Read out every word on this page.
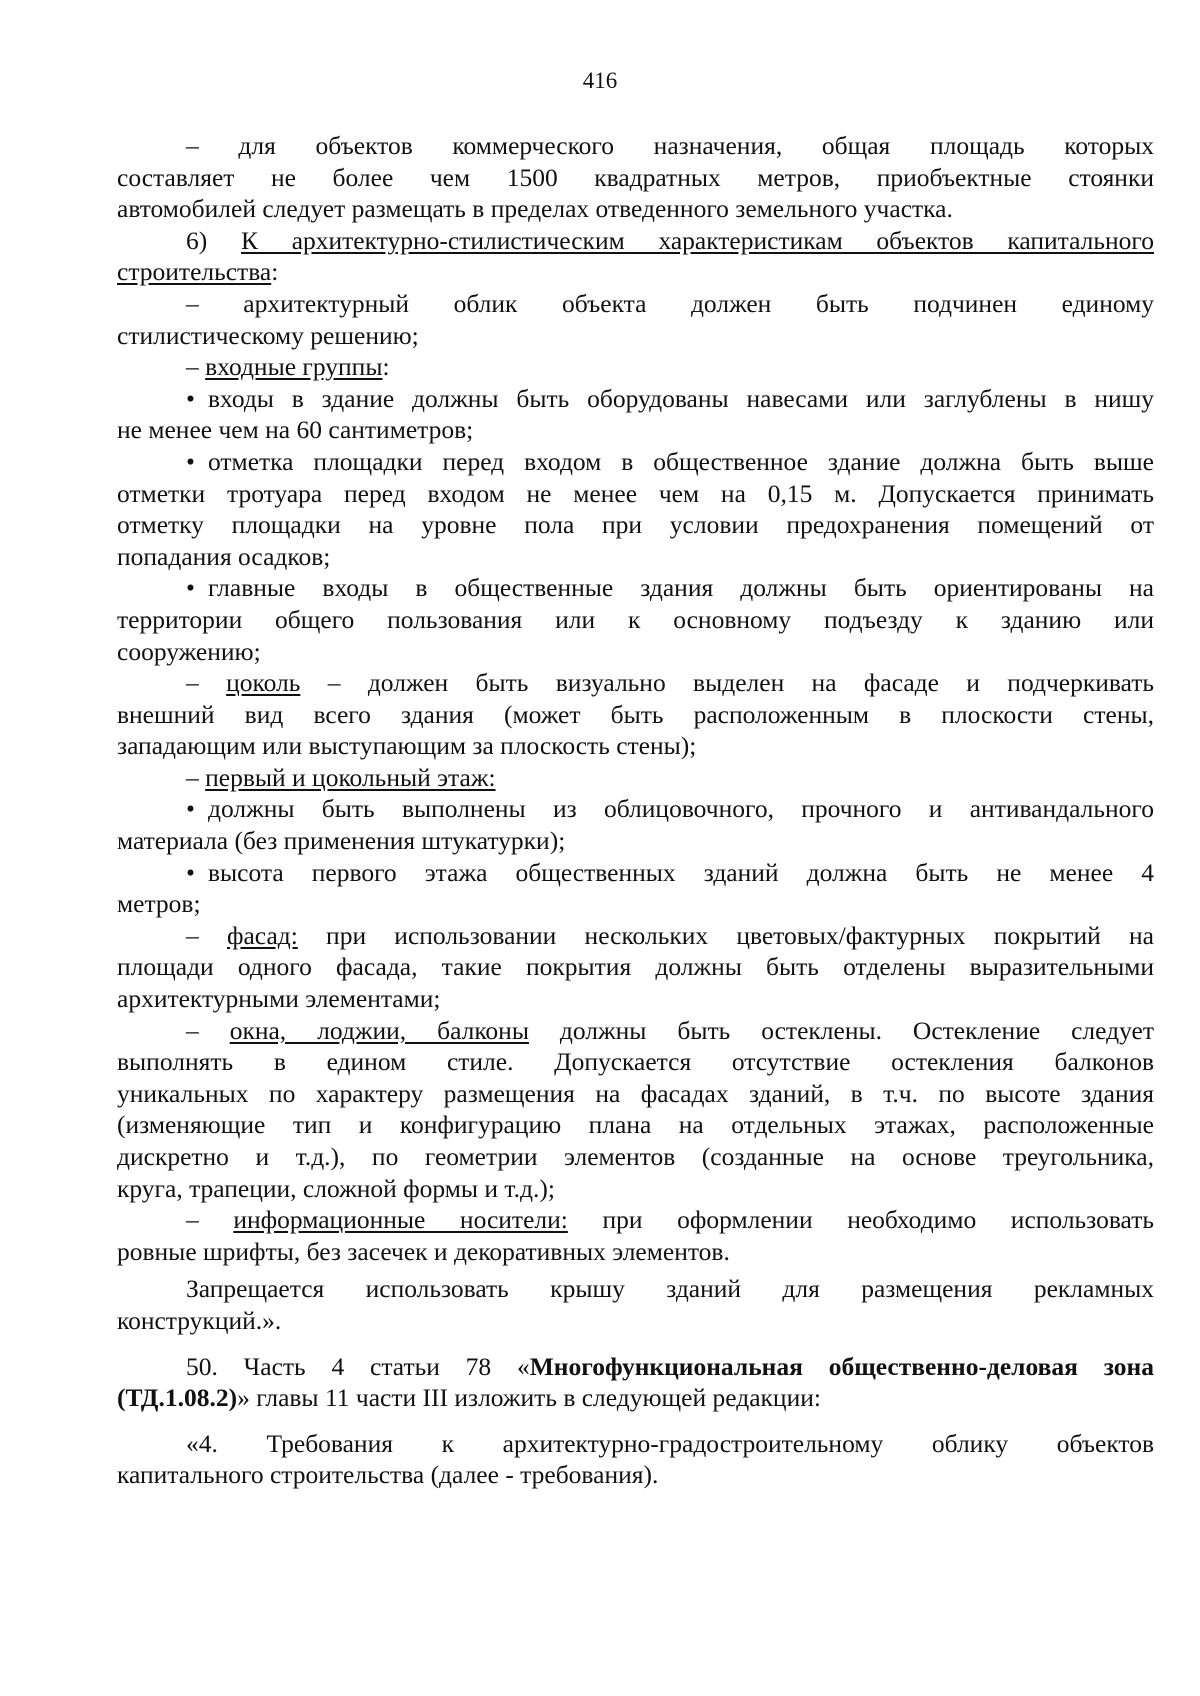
416
– для объектов коммерческого назначения, общая площадь которых
составляет не более чем 1500 квадратных метров, приобъектные стоянки
автомобилей следует размещать в пределах отведенного земельного участка.
6) К архитектурно-стилистическим характеристикам объектов капитального
строительства:
– архитектурный облик объекта должен быть подчинен единому
стилистическому решению;
– входные группы:
• входы в здание должны быть оборудованы навесами или заглублены в нишу
не менее чем на 60 сантиметров;
• отметка площадки перед входом в общественное здание должна быть выше
отметки тротуара перед входом не менее чем на 0,15 м. Допускается принимать
отметку площадки на уровне пола при условии предохранения помещений от
попадания осадков;
• главные входы в общественные здания должны быть ориентированы на
территории общего пользования или к основному подъезду к зданию или
сооружению;
– цоколь – должен быть визуально выделен на фасаде и подчеркивать
внешний вид всего здания (может быть расположенным в плоскости стены,
западающим или выступающим за плоскость стены);
– первый и цокольный этаж:
• должны быть выполнены из облицовочного, прочного и антивандального
материала (без применения штукатурки);
• высота первого этажа общественных зданий должна быть не менее 4
метров;
– фасад: при использовании нескольких цветовых/фактурных покрытий на
площади одного фасада, такие покрытия должны быть отделены выразительными
архитектурными элементами;
– окна, лоджии, балконы должны быть остеклены. Остекление следует
выполнять в едином стиле. Допускается отсутствие остекления балконов
уникальных по характеру размещения на фасадах зданий, в т.ч. по высоте здания
(изменяющие тип и конфигурацию плана на отдельных этажах, расположенные
дискретно и т.д.), по геометрии элементов (созданные на основе треугольника,
круга, трапеции, сложной формы и т.д.);
– информационные носители: при оформлении необходимо использовать
ровные шрифты, без засечек и декоративных элементов.
Запрещается использовать крышу зданий для размещения рекламных
конструкций.».
50. Часть 4 статьи 78 «Многофункциональная общественно-деловая зона
(ТД.1.08.2)» главы 11 части III изложить в следующей редакции:
«4. Требования к архитектурно-градостроительному облику объектов
капитального строительства (далее - требования).
